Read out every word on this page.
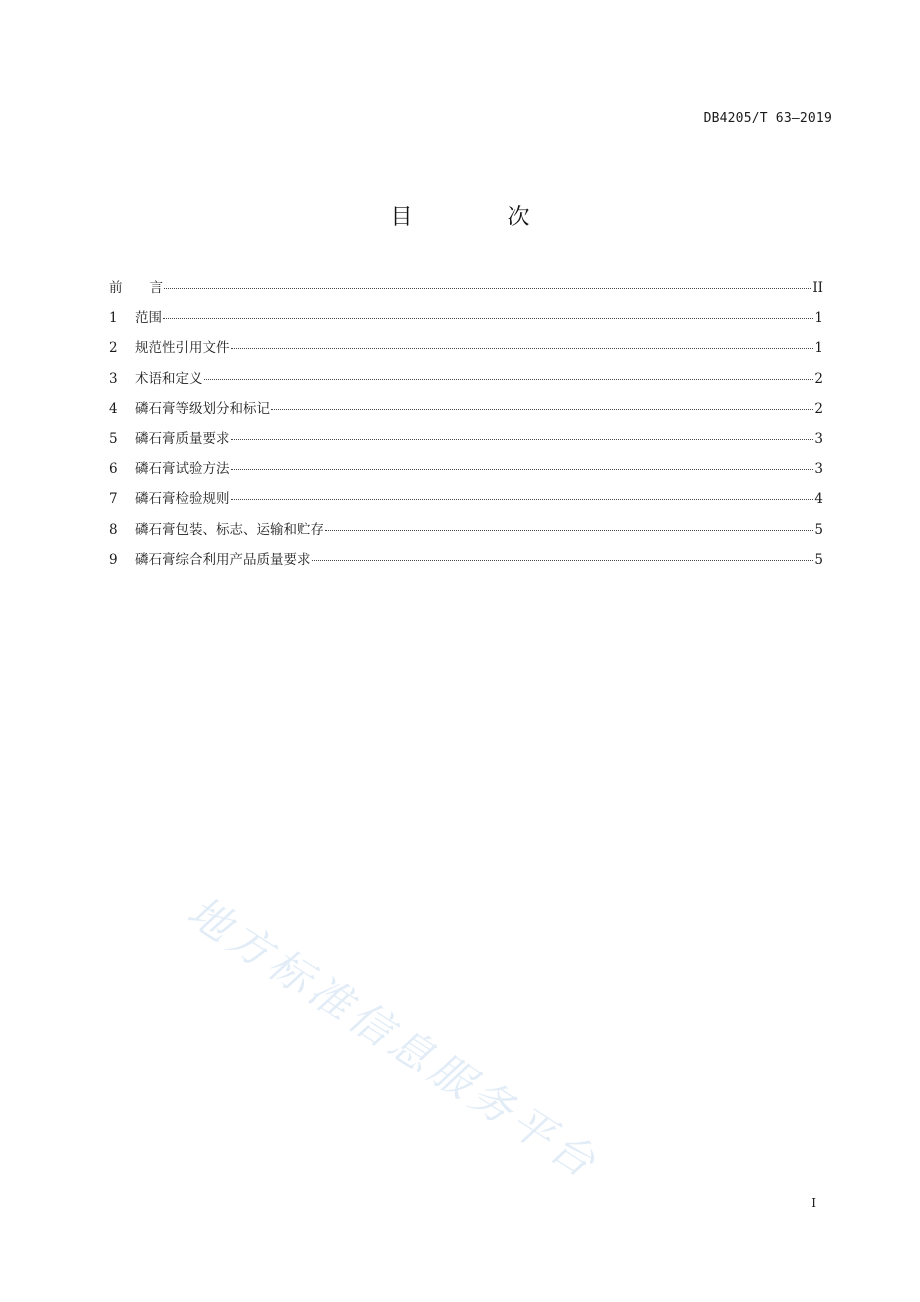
DB4205/T 63—2019
目 次
前　　言	II
1	范围	1
2	规范性引用文件	1
3	术语和定义	2
4	磷石膏等级划分和标记	2
5	磷石膏质量要求	3
6	磷石膏试验方法	3
7	磷石膏检验规则	4
8	磷石膏包装、标志、运输和贮存	5
9	磷石膏综合利用产品质量要求	5
地方标准信息服务平台
I
